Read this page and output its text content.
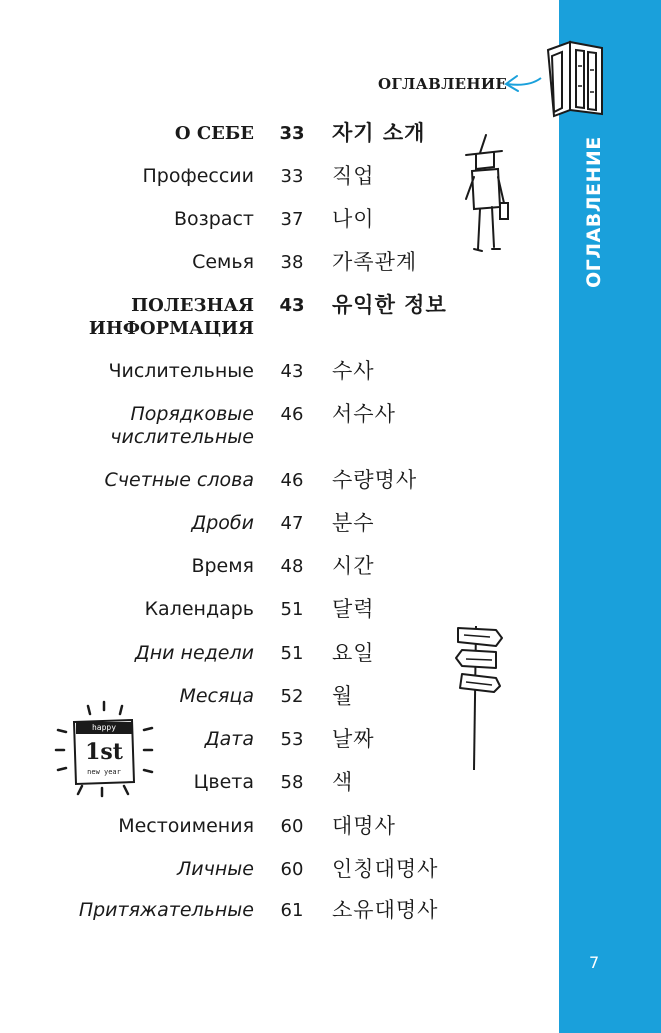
ОГЛАВЛЕНИЕ
7
ОГЛАВЛЕНИЕ
happy
1st
new year
О СЕБЕ	33 자기 소개
Профессии	33	직업
Возраст	37	나이
Семья	38	가족관계
ПОЛЕЗНАЯ
ИНФОРМАЦИЯ
43 유익한 정보
Числительные	43	수사
Порядковые
числительные
46	서수사
Счетные слова	46	수량명사
Дроби	47	분수
Время	48	시간
Календарь	51	달력
Дни недели	51	요일
Месяца	52	월
Дата	53	날짜
Цвета	58	색
Местоимения	60	대명사
Личные	60	인칭대명사
Притяжательные	61	소유대명사
